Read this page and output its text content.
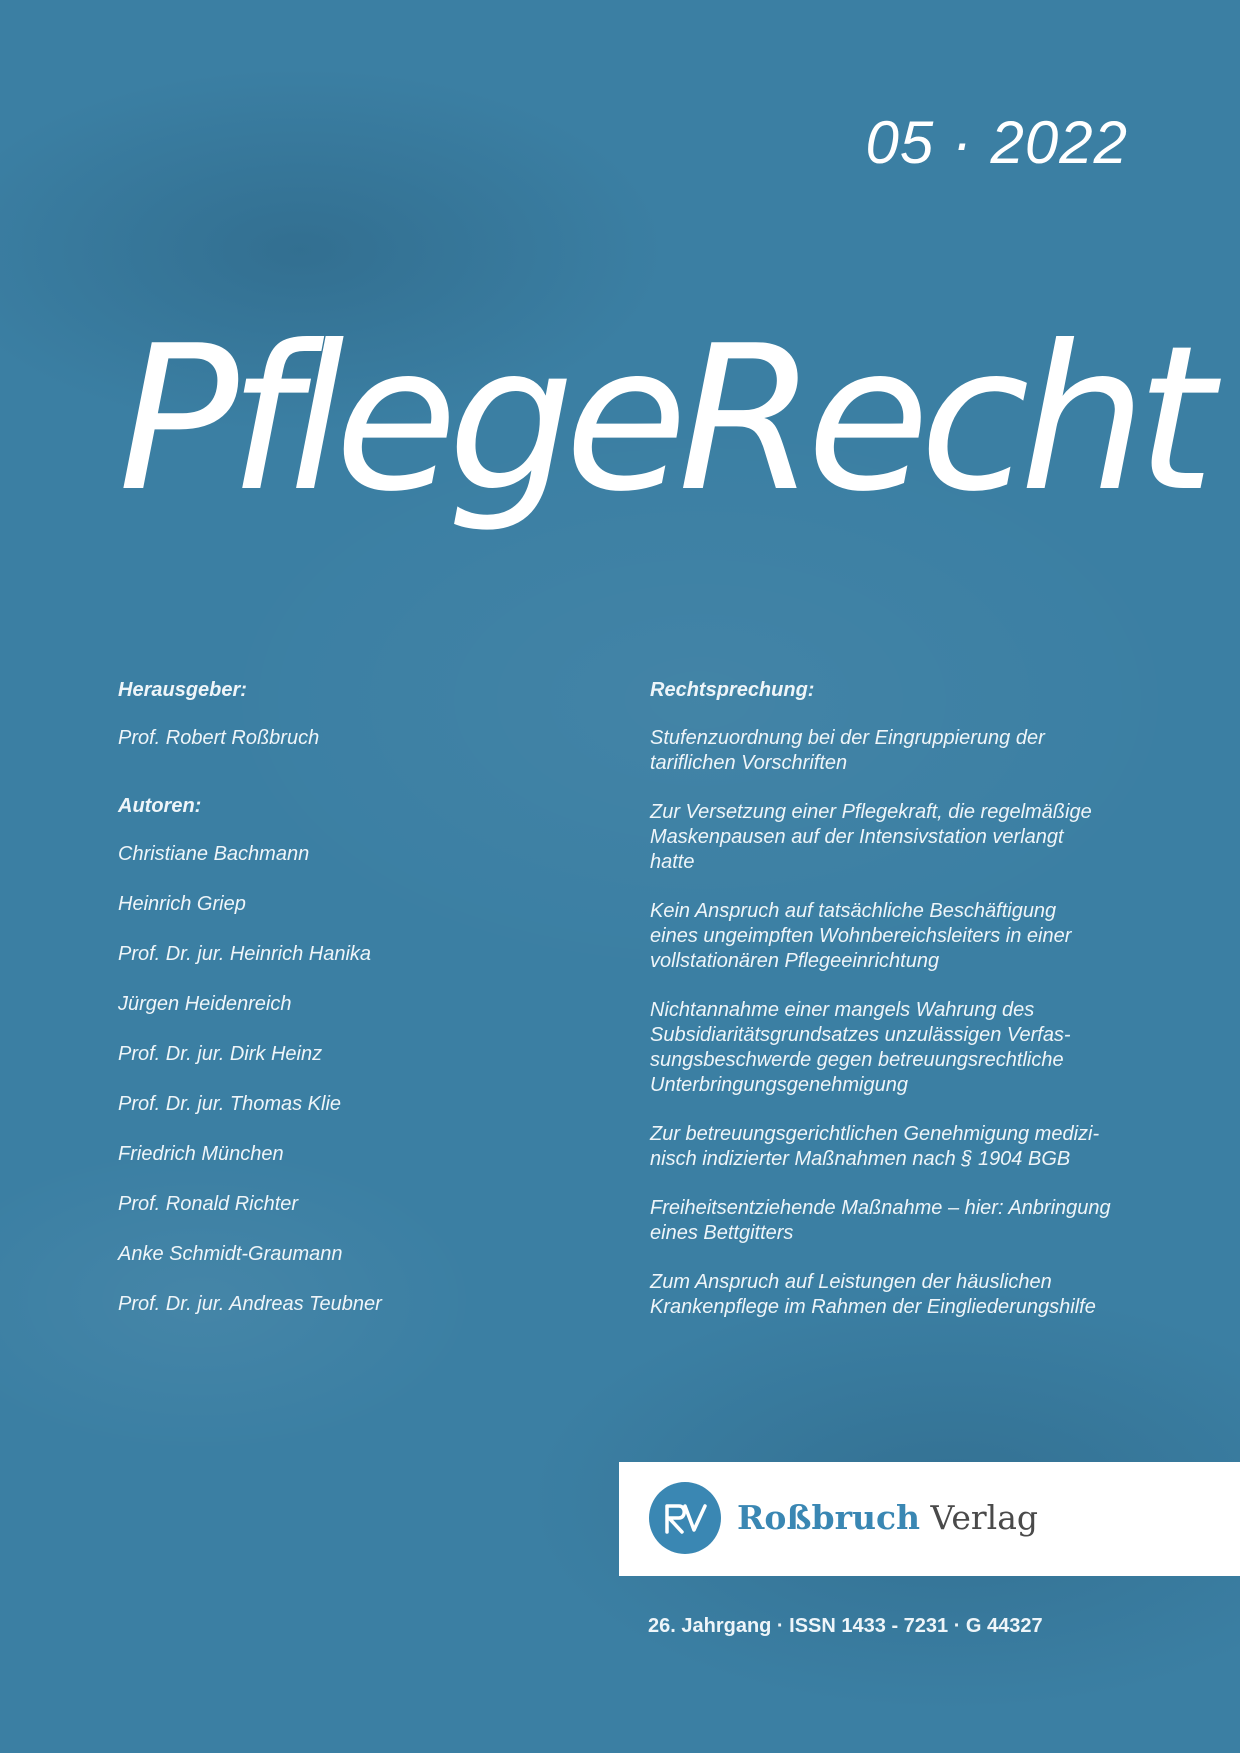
05 · 2022
PflegeRecht
Herausgeber:
Prof. Robert Roßbruch
Autoren:
Christiane Bachmann
Heinrich Griep
Prof. Dr. jur. Heinrich Hanika
Jürgen Heidenreich
Prof. Dr. jur. Dirk Heinz
Prof. Dr. jur. Thomas Klie
Friedrich München
Prof. Ronald Richter
Anke Schmidt-Graumann
Prof. Dr. jur. Andreas Teubner
Rechtsprechung:
Stufenzuordnung bei der Eingruppierung der
tariflichen Vorschriften
Zur Versetzung einer Pflegekraft, die regelmäßige
Maskenpausen auf der Intensivstation verlangt
hatte
Kein Anspruch auf tatsächliche Beschäftigung
eines ungeimpften Wohnbereichsleiters in einer
vollstationären Pflegeeinrichtung
Nichtannahme einer mangels Wahrung des
Subsidiaritätsgrundsatzes unzulässigen Verfas-
sungsbeschwerde gegen betreuungsrechtliche
Unterbringungsgenehmigung
Zur betreuungsgerichtlichen Genehmigung medizi-
nisch indizierter Maßnahmen nach § 1904 BGB
Freiheitsentziehende Maßnahme – hier: Anbringung
eines Bettgitters
Zum Anspruch auf Leistungen der häuslichen
Krankenpflege im Rahmen der Eingliederungshilfe
Roßbruch Verlag
26. Jahrgang · ISSN 1433 - 7231 · G 44327
